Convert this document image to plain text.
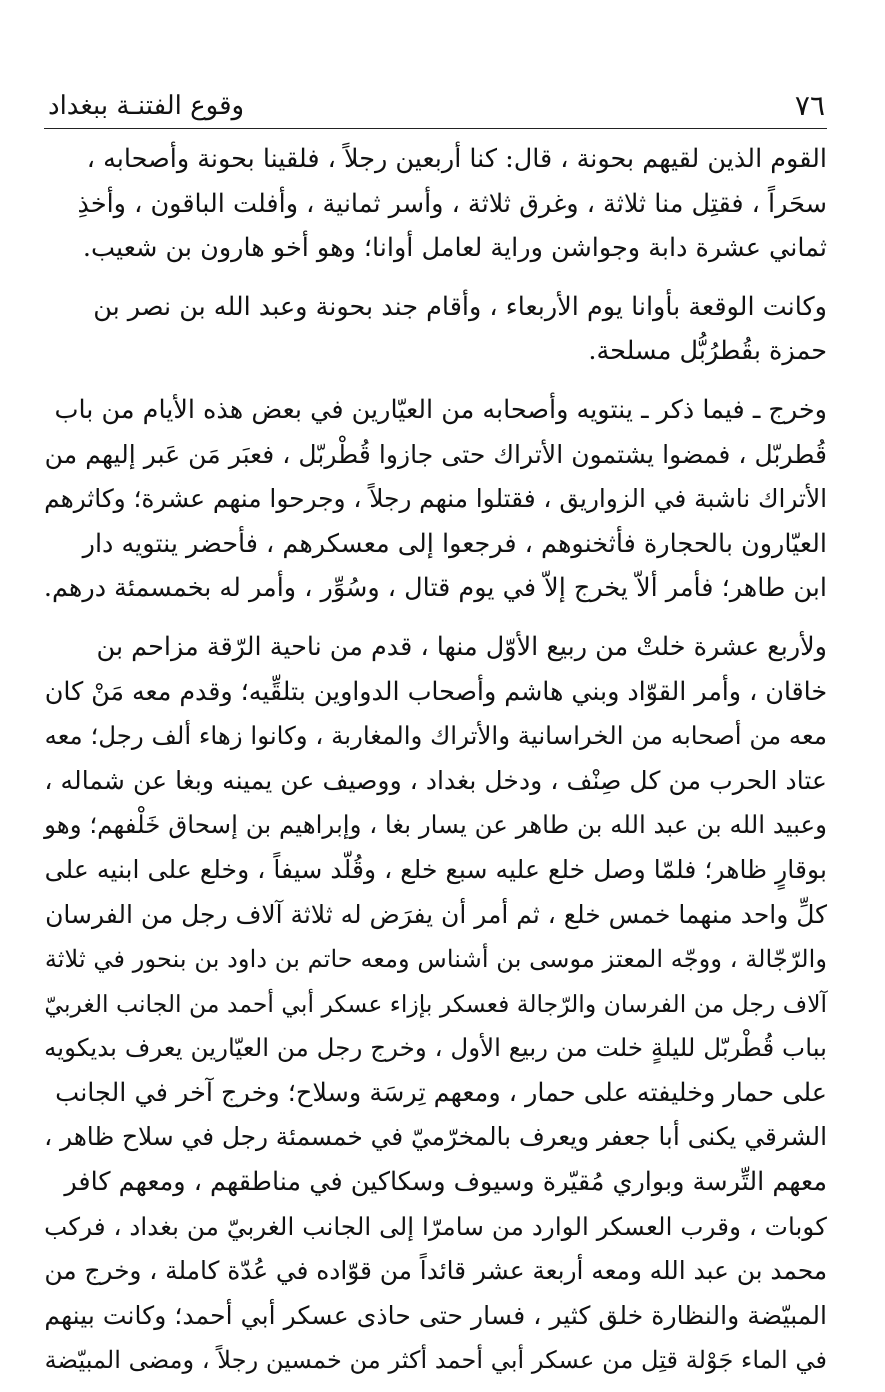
٧٦
وقوع الفتنـة ببغداد

القوم الذين لقيهم بحونة ، قال: كنا أربعين رجلاً ، فلقينا بحونة وأصحابه ،
سحَراً ، فقتِل منا ثلاثة ، وغرق ثلاثة ، وأسر ثمانية ، وأفلت الباقون ، وأخذِ
ثماني عشرة دابة وجواشن وراية لعامل أوانا؛ وهو أخو هارون بن شعيب.

وكانت الوقعة بأوانا يوم الأربعاء ، وأقام جند بحونة وعبد الله بن نصر بن
حمزة بقُطرُبُّل مسلحة.

وخرج ـ فيما ذكر ـ ينتويه وأصحابه من العيّارين في بعض هذه الأيام من باب
قُطربّل ، فمضوا يشتمون الأتراك حتى جازوا قُطْربّل ، فعبَر مَن عَبر إليهم من
الأتراك ناشبة في الزواريق ، فقتلوا منهم رجلاً ، وجرحوا منهم عشرة؛ وكاثرهم
العيّارون بالحجارة فأثخنوهم ، فرجعوا إلى معسكرهم ، فأحضر ينتويه دار
ابن طاهر؛ فأمر ألاّ يخرج إلاّ في يوم قتال ، وسُوِّر ، وأمر له بخمسمئة درهم.

ولأربع عشرة خلتْ من ربيع الأوّل منها ، قدم من ناحية الرّقة مزاحم بن
خاقان ، وأمر القوّاد وبني هاشم وأصحاب الدواوين بتلقِّيه؛ وقدم معه مَنْ كان
معه من أصحابه من الخراسانية والأتراك والمغاربة ، وكانوا زهاء ألف رجل؛ معه
عتاد الحرب من كل صِنْف ، ودخل بغداد ، ووصيف عن يمينه وبغا عن شماله ،
وعبيد الله بن عبد الله بن طاهر عن يسار بغا ، وإبراهيم بن إسحاق خَلْفهم؛ وهو
بوقارٍ ظاهر؛ فلمّا وصل خلع عليه سبع خلع ، وقُلّد سيفاً ، وخلع على ابنيه على
كلِّ واحد منهما خمس خلع ، ثم أمر أن يفرَض له ثلاثة آلاف رجل من الفرسان
والرّجّالة ، ووجّه المعتز موسى بن أشناس ومعه حاتم بن داود بن بنحور في ثلاثة
آلاف رجل من الفرسان والرّجالة فعسكر بإزاء عسكر أبي أحمد من الجانب الغربيّ
بباب قُطْربّل لليلةٍ خلت من ربيع الأول ، وخرج رجل من العيّارين يعرف بديكويه
على حمار وخليفته على حمار ، ومعهم تِرسَة وسلاح؛ وخرج آخر في الجانب
الشرقي يكنى أبا جعفر ويعرف بالمخرّميّ في خمسمئة رجل في سلاح ظاهر ،
معهم التِّرسة وبواري مُقيّرة وسيوف وسكاكين في مناطقهم ، ومعهم كافر
كوبات ، وقرب العسكر الوارد من سامرّا إلى الجانب الغربيّ من بغداد ، فركب
محمد بن عبد الله ومعه أربعة عشر قائداً من قوّاده في عُدّة كاملة ، وخرج من
المبيّضة والنظارة خلق كثير ، فسار حتى حاذى عسكر أبي أحمد؛ وكانت بينهم
في الماء جَوْلة قتِل من عسكر أبي أحمد أكثر من خمسين رجلاً ، ومضى المبيّضة
